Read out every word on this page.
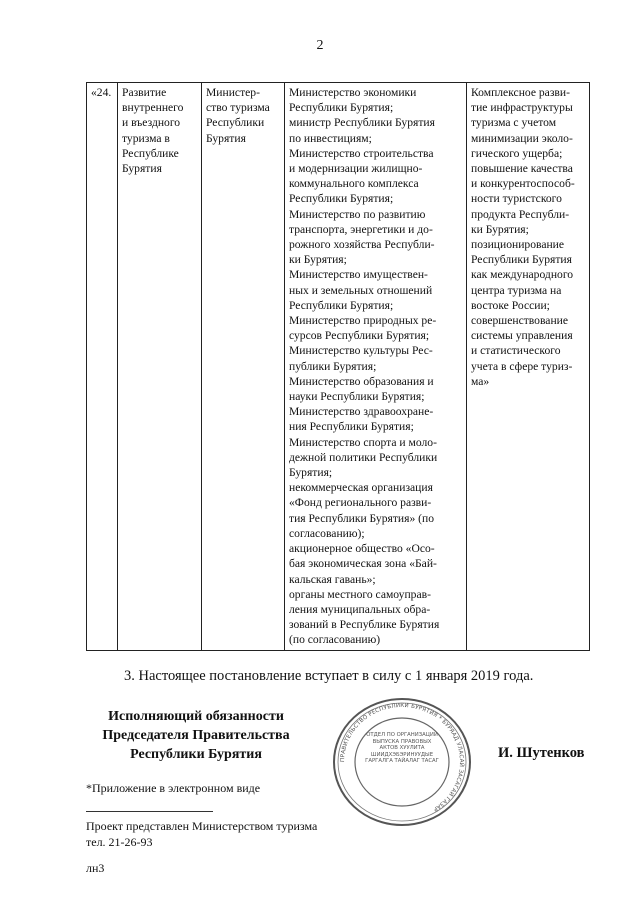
2
«24.	Развитие
внутреннего
и въездного
туризма в
Республике
Бурятия	Министер-
ство туризма
Республики
Бурятия	Министерство экономики
Республики Бурятия;
министр Республики Бурятия
по инвестициям;
Министерство строительства
и модернизации жилищно-
коммунального комплекса
Республики Бурятия;
Министерство по развитию
транспорта, энергетики и до-
рожного хозяйства Республи-
ки Бурятия;
Министерство имуществен-
ных и земельных отношений
Республики Бурятия;
Министерство природных ре-
сурсов Республики Бурятия;
Министерство культуры Рес-
публики Бурятия;
Министерство образования и
науки Республики Бурятия;
Министерство здравоохране-
ния Республики Бурятия;
Министерство спорта и моло-
дежной политики Республики
Бурятия;
некоммерческая организация
«Фонд регионального разви-
тия Республики Бурятия» (по
согласованию);
акционерное общество «Осо-
бая экономическая зона «Бай-
кальская гавань»;
органы местного самоуправ-
ления муниципальных обра-
зований в Республике Бурятия
(по согласованию)	Комплексное разви-
тие инфраструктуры
туризма с учетом
минимизации эколо-
гического ущерба;
повышение качества
и конкурентоспособ-
ности туристского
продукта Республи-
ки Бурятия;
позиционирование
Республики Бурятия
как международного
центра туризма на
востоке России;
совершенствование
системы управления
и статистического
учета в сфере туриз-
ма»
3. Настоящее постановление вступает в силу с 1 января 2019 года.
Исполняющий обязанности
Председателя Правительства
Республики Бурятия	ПРАВИТЕЛЬСТВО РЕСПУБЛИКИ БУРЯТИЯ * БУРЯАД УЛАСАЙ ЗАСАГАЙ ГАЗАР
ОТДЕЛ ПО ОРГАНИЗАЦИИ ВЫПУСКА ПРАВОВЫХ АКТОВ ХУУЛИТА ШИИДХЭБЭРИНУУДЫЕ ГАРГАЛГА ТАЙАЛАГ ТАСАГ
И. Шутенков
*Приложение в электронном виде
Проект представлен Министерством туризма
тел. 21-26-93
лн3
